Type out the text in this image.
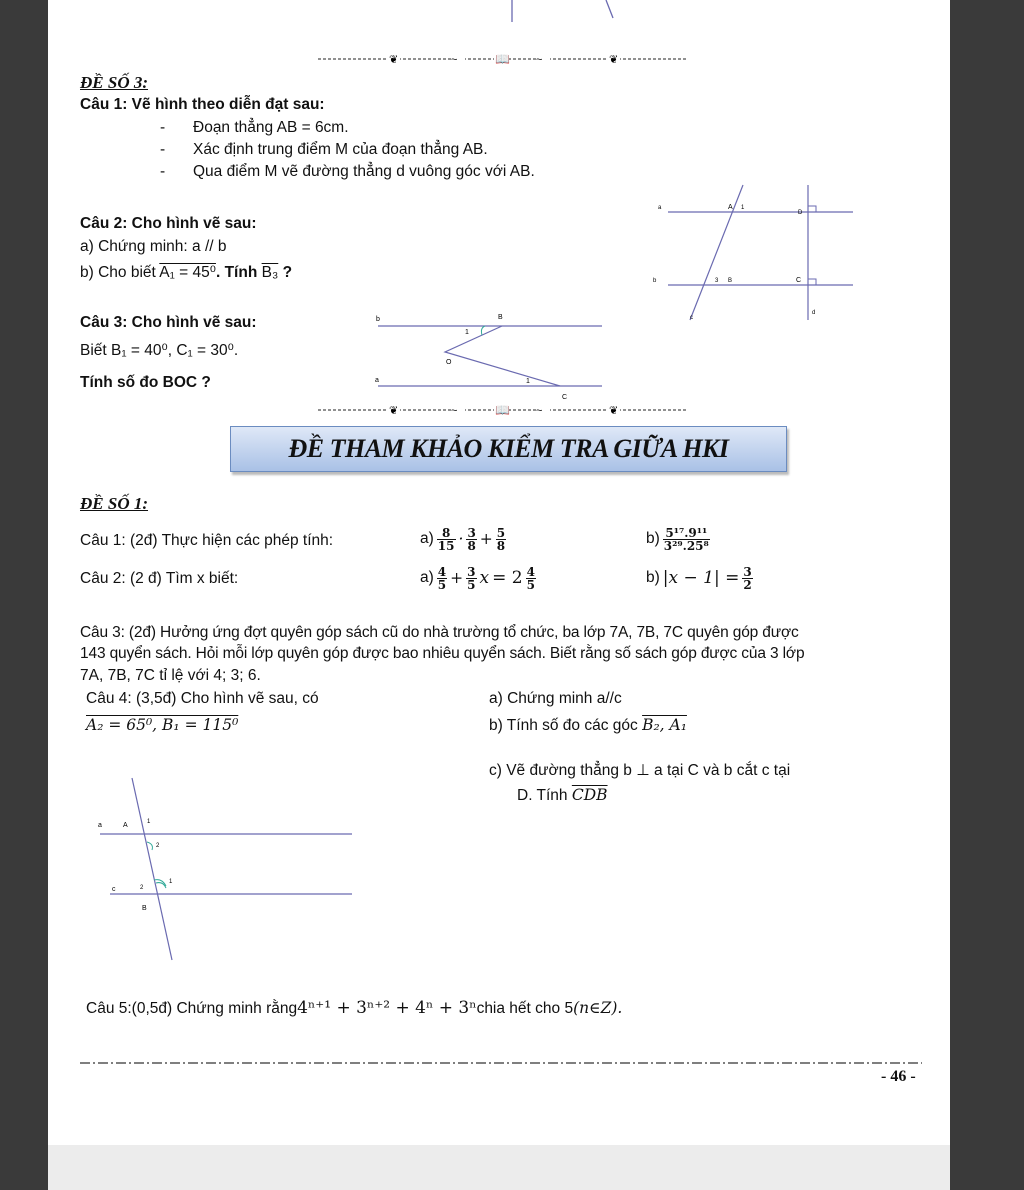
📖
❦	❦
~	~
ĐỀ SỐ 3:
Câu 1: Vẽ hình theo diễn đạt sau:
- Đoạn thẳng AB = 6cm.
- Xác định trung điểm M của đoạn thẳng AB.
- Qua điểm M vẽ đường thẳng d vuông góc với AB.
Câu 2: Cho hình vẽ sau:
a) Chứng minh: a // b
b) Cho biết A₁ = 45⁰. Tính B₃ ?
a
b
c
d
A 1
3 B	C
D
Câu 3: Cho hình vẽ sau:
Biết B₁ = 40⁰, C₁ = 30⁰.
Tính số đo BOC ?
b	B
1
O
a	1
C
📖
❦	❦
~	~
ĐỀ THAM KHẢO KIỂM TRA GIỮA HKI
ĐỀ SỐ 1:
Câu 1: (2đ) Thực hiện các phép tính:	$a) \frac{8}{15} \cdot \frac{3}{8} + \frac{5}{8}$	$b) \frac{\text{5¹⁷.9¹¹}}{\text{3²⁹.25⁸}}$
Câu 2: (2 đ) Tìm x biết:	$a) \frac{4}{5} + \frac{3}{5}$ $x = 2 \frac{4}{5}$	b) $|x - 1| = \frac{3}{2}$
Câu 3: (2đ) Hưởng ứng đợt quyên góp sách cũ do nhà trường tổ chức, ba lớp 7A, 7B, 7C quyên góp được
143 quyển sách. Hỏi mỗi lớp quyên góp được bao nhiêu quyển sách. Biết rằng số sách góp được của 3 lớp
7A, 7B, 7C tỉ lệ với 4; 3; 6.
Câu 4: (3,5đ) Cho hình vẽ sau, có
A₂ = 65⁰, B₁ = 115⁰
a) Chứng minh a//c
b) Tính số đo các góc B₂, A₁
c) Vẽ đường thẳng b ⊥ a tại C và b cắt c tại
D. Tính $\overline{CDB}$
a	A	1
2
c	2
1
B
Câu 5:(0,5đ) Chứng minh rằng 4ⁿ⁺¹ + 3ⁿ⁺² + 4ⁿ + 3ⁿ chia hết cho 5 (n∈Z).
- 46 -
